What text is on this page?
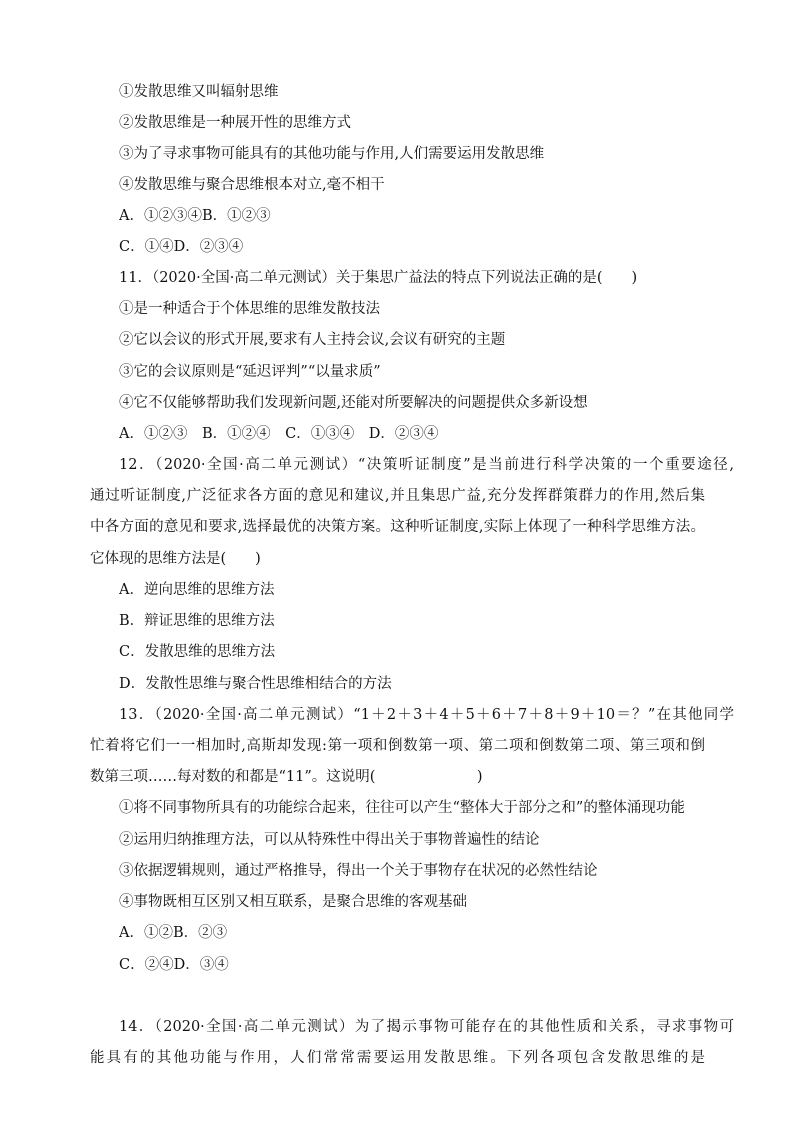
①发散思维又叫辐射思维
②发散思维是一种展开性的思维方式
③为了寻求事物可能具有的其他功能与作用,人们需要运用发散思维
④发散思维与聚合思维根本对立,毫不相干
A．①②③④B．①②③
C．①④D．②③④
11．（2020·全国·高二单元测试）关于集思广益法的特点下列说法正确的是(　　)
①是一种适合于个体思维的思维发散技法
②它以会议的形式开展,要求有人主持会议,会议有研究的主题
③它的会议原则是“延迟评判”“以量求质”
④它不仅能够帮助我们发现新问题,还能对所要解决的问题提供众多新设想
A．①②③　B．①②④　C．①③④　D．②③④
12．（2020·全国·高二单元测试）“决策听证制度”是当前进行科学决策的一个重要途径,
通过听证制度,广泛征求各方面的意见和建议,并且集思广益,充分发挥群策群力的作用,然后集
中各方面的意见和要求,选择最优的决策方案。这种听证制度,实际上体现了一种科学思维方法。
它体现的思维方法是(　　)
A．逆向思维的思维方法
B．辩证思维的思维方法
C．发散思维的思维方法
D．发散性思维与聚合性思维相结合的方法
13．（2020·全国·高二单元测试）“1＋2＋3＋4＋5＋6＋7＋8＋9＋10＝？”在其他同学
忙着将它们一一相加时,高斯却发现:第一项和倒数第一项、第二项和倒数第二项、第三项和倒
数第三项……每对数的和都是“11”。这说明(　　　　　　　)
①将不同事物所具有的功能综合起来，往往可以产生“整体大于部分之和”的整体涌现功能
②运用归纳推理方法，可以从特殊性中得出关于事物普遍性的结论
③依据逻辑规则，通过严格推导，得出一个关于事物存在状况的必然性结论
④事物既相互区别又相互联系，是聚合思维的客观基础
A．①②B．②③
C．②④D．③④
14．（2020·全国·高二单元测试）为了揭示事物可能存在的其他性质和关系，寻求事物可
能具有的其他功能与作用，人们常常需要运用发散思维。下列各项包含发散思维的是
